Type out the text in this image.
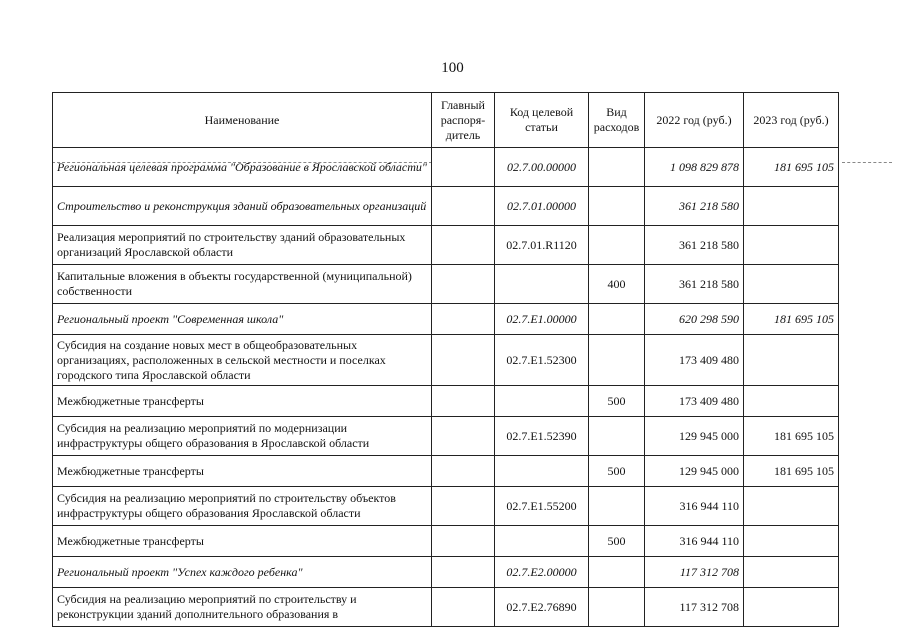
100
Наименование	Главный распоря-дитель	Код целевой статьи	Вид расходов	2022 год (руб.)	2023 год (руб.)
Региональная целевая программа "Образование в Ярославской области"		02.7.00.00000		1 098 829 878	181 695 105
Строительство и реконструкция зданий образовательных организаций		02.7.01.00000		361 218 580	
Реализация мероприятий по строительству зданий образовательных организаций Ярославской области		02.7.01.R1120		361 218 580	
Капитальные вложения в объекты государственной (муниципальной) собственности			400	361 218 580	
Региональный проект "Современная школа"		02.7.E1.00000		620 298 590	181 695 105
Субсидия на создание новых мест в общеобразовательных организациях, расположенных в сельской местности и поселках городского типа Ярославской области		02.7.E1.52300		173 409 480	
Межбюджетные трансферты			500	173 409 480	
Субсидия на реализацию мероприятий по модернизации инфраструктуры общего образования в Ярославской области		02.7.E1.52390		129 945 000	181 695 105
Межбюджетные трансферты			500	129 945 000	181 695 105
Субсидия на реализацию мероприятий по строительству объектов инфраструктуры общего образования Ярославской области		02.7.E1.55200		316 944 110	
Межбюджетные трансферты			500	316 944 110	
Региональный проект "Успех каждого ребенка"		02.7.E2.00000		117 312 708	
Субсидия на реализацию мероприятий по строительству и реконструкции зданий дополнительного образования в		02.7.E2.76890		117 312 708	
